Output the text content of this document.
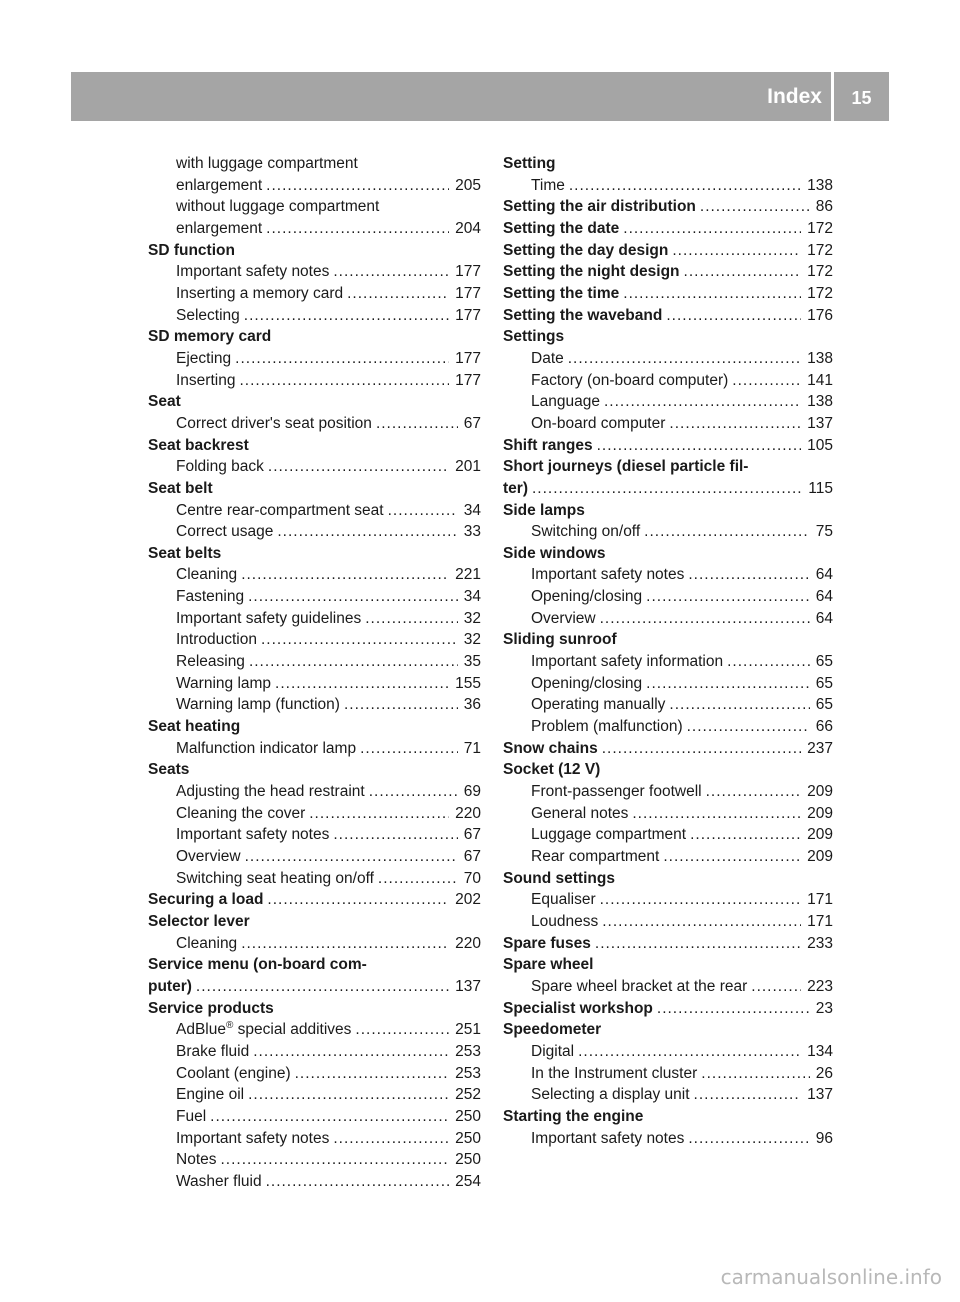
Index	15
with luggage compartment
enlargement .....	205
without luggage compartment
enlargement .....	204
SD function
Important safety notes .....	177
Inserting a memory card .....	177
Selecting .....	177
SD memory card
Ejecting .....	177
Inserting .....	177
Seat
Correct driver's seat position .....	67
Seat backrest
Folding back .....	201
Seat belt
Centre rear-compartment seat .....	34
Correct usage .....	33
Seat belts
Cleaning .....	221
Fastening .....	34
Important safety guidelines .....	32
Introduction .....	32
Releasing .....	35
Warning lamp .....	155
Warning lamp (function) .....	36
Seat heating
Malfunction indicator lamp .....	71
Seats
Adjusting the head restraint .....	69
Cleaning the cover .....	220
Important safety notes .....	67
Overview .....	67
Switching seat heating on/off .....	70
Securing a load .....	202
Selector lever
Cleaning .....	220
Service menu (on-board com-
puter) .....	137
Service products
AdBlue® special additives .....	251
Brake fluid .....	253
Coolant (engine) .....	253
Engine oil .....	252
Fuel .....	250
Important safety notes .....	250
Notes .....	250
Washer fluid .....	254
Setting
Time .....	138
Setting the air distribution .....	86
Setting the date .....	172
Setting the day design .....	172
Setting the night design .....	172
Setting the time .....	172
Setting the waveband .....	176
Settings
Date .....	138
Factory (on-board computer) .....	141
Language .....	138
On-board computer .....	137
Shift ranges .....	105
Short journeys (diesel particle fil-
ter) .....	115
Side lamps
Switching on/off .....	75
Side windows
Important safety notes .....	64
Opening/closing .....	64
Overview .....	64
Sliding sunroof
Important safety information .....	65
Opening/closing .....	65
Operating manually .....	65
Problem (malfunction) .....	66
Snow chains .....	237
Socket (12 V)
Front-passenger footwell .....	209
General notes .....	209
Luggage compartment .....	209
Rear compartment .....	209
Sound settings
Equaliser .....	171
Loudness .....	171
Spare fuses .....	233
Spare wheel
Spare wheel bracket at the rear .....	223
Specialist workshop .....	23
Speedometer
Digital .....	134
In the Instrument cluster .....	26
Selecting a display unit .....	137
Starting the engine
Important safety notes .....	96
carmanualsonline.info
